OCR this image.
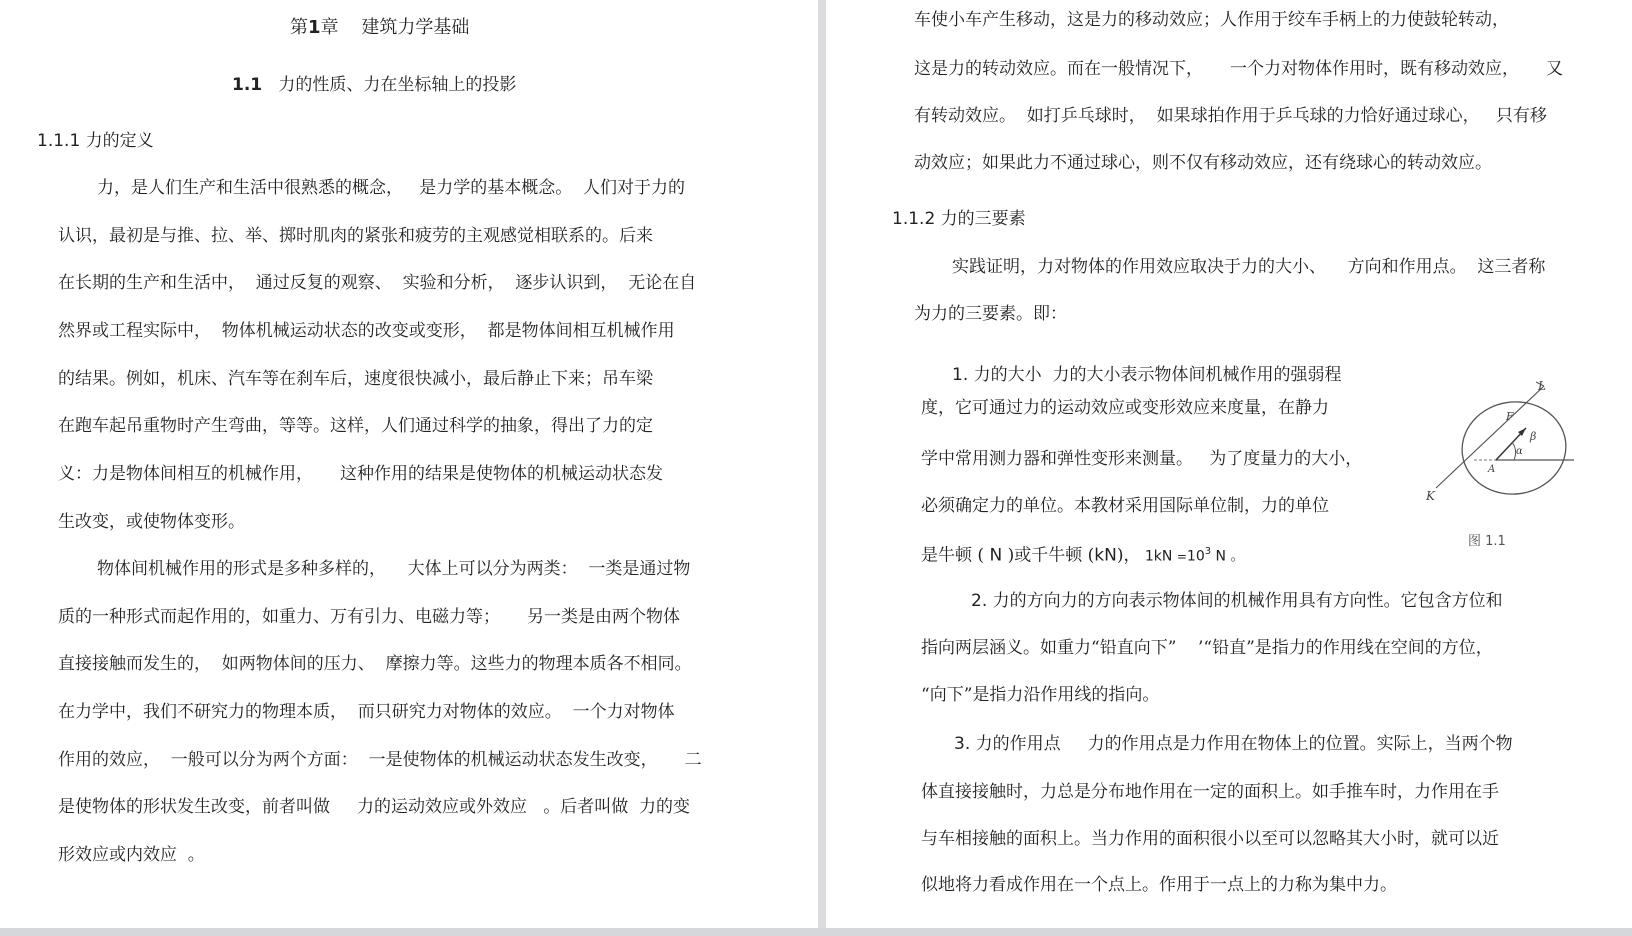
第1章    建筑力学基础
1.1   力的性质、力在坐标轴上的投影
1.1.1 力的定义
力，是人们生产和生活中很熟悉的概念，   是力学的基本概念。  人们对于力的
认识，最初是与推、拉、举、掷时肌肉的紧张和疲劳的主观感觉相联系的。后来
在长期的生产和生活中，  通过反复的观察、  实验和分析，  逐步认识到，  无论在自
然界或工程实际中，  物体机械运动状态的改变或变形，  都是物体间相互机械作用
的结果。例如，机床、汽车等在刹车后，速度很快减小，最后静止下来；吊车梁
在跑车起吊重物时产生弯曲，等等。这样，人们通过科学的抽象，得出了力的定
义：力是物体间相互的机械作用，     这种作用的结果是使物体的机械运动状态发
生改变，或使物体变形。
物体间机械作用的形式是多种多样的，    大体上可以分为两类：  一类是通过物
质的一种形式而起作用的，如重力、万有引力、电磁力等；     另一类是由两个物体
直接接触而发生的，  如两物体间的压力、  摩擦力等。这些力的物理本质各不相同。
在力学中，我们不研究力的物理本质，  而只研究力对物体的效应。  一个力对物体
作用的效应，  一般可以分为两个方面：  一是使物体的机械运动状态发生改变，     二
是使物体的形状发生改变，前者叫做     力的运动效应或外效应   。后者叫做  力的变
形效应或内效应  。
车使小车产生移动，这是力的移动效应；人作用于绞车手柄上的力使鼓轮转动，
这是力的转动效应。而在一般情况下，     一个力对物体作用时，既有移动效应，     又
有转动效应。  如打乒乓球时，  如果球拍作用于乒乓球的力恰好通过球心，   只有移
动效应；如果此力不通过球心，则不仅有移动效应，还有绕球心的转动效应。
1.1.2 力的三要素
实践证明，力对物体的作用效应取决于力的大小、    方向和作用点。  这三者称
为力的三要素。即：
1. 力的大小  力的大小表示物体间机械作用的强弱程
度，它可通过力的运动效应或变形效应来度量，在静力
学中常用测力器和弹性变形来测量。   为了度量力的大小，
必须确定力的单位。本教材采用国际单位制，力的单位
是牛顿 ( N )或千牛顿 (kN)， $1kN =10^3$ N 。
L
K
F
β
α
A
图 1.1
2. 力的方向力的方向表示物体间的机械作用具有方向性。它包含方位和
指向两层涵义。如重力“铅直向下”    ’“铅直”是指力的作用线在空间的方位，
“向下”是指力沿作用线的指向。
3. 力的作用点     力的作用点是力作用在物体上的位置。实际上，当两个物
体直接接触时，力总是分布地作用在一定的面积上。如手推车时，力作用在手
与车相接触的面积上。当力作用的面积很小以至可以忽略其大小时，就可以近
似地将力看成作用在一个点上。作用于一点上的力称为集中力。
